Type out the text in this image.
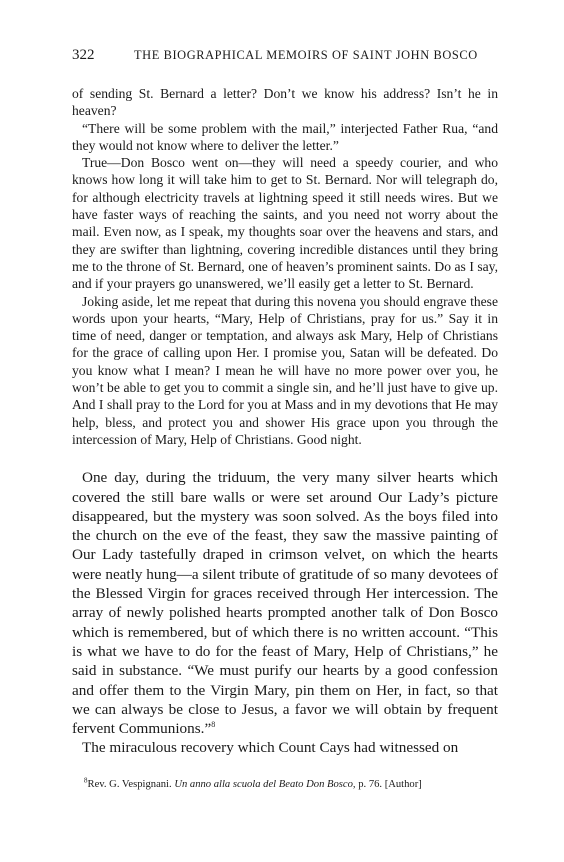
322	THE BIOGRAPHICAL MEMOIRS OF SAINT JOHN BOSCO

of sending St. Bernard a letter? Don’t we know his address? Isn’t he in heaven?

“There will be some problem with the mail,” interjected Father Rua, “and they would not know where to deliver the letter.”

True—Don Bosco went on—they will need a speedy courier, and who knows how long it will take him to get to St. Bernard. Nor will telegraph do, for although electricity travels at lightning speed it still needs wires. But we have faster ways of reaching the saints, and you need not worry about the mail. Even now, as I speak, my thoughts soar over the heavens and stars, and they are swifter than lightning, covering incredible distances until they bring me to the throne of St. Bernard, one of heaven’s prominent saints. Do as I say, and if your prayers go unanswered, we’ll easily get a letter to St. Bernard.

Joking aside, let me repeat that during this novena you should engrave these words upon your hearts, “Mary, Help of Christians, pray for us.” Say it in time of need, danger or temptation, and always ask Mary, Help of Christians for the grace of calling upon Her. I promise you, Satan will be defeated. Do you know what I mean? I mean he will have no more power over you, he won’t be able to get you to commit a single sin, and he’ll just have to give up. And I shall pray to the Lord for you at Mass and in my devotions that He may help, bless, and protect you and shower His grace upon you through the intercession of Mary, Help of Christians. Good night.

One day, during the triduum, the very many silver hearts which covered the still bare walls or were set around Our Lady’s picture disappeared, but the mystery was soon solved. As the boys filed into the church on the eve of the feast, they saw the massive painting of Our Lady tastefully draped in crimson velvet, on which the hearts were neatly hung—a silent tribute of gratitude of so many devotees of the Blessed Virgin for graces received through Her intercession. The array of newly polished hearts prompted another talk of Don Bosco which is remembered, but of which there is no written account. “This is what we have to do for the feast of Mary, Help of Christians,” he said in substance. “We must purify our hearts by a good confession and offer them to the Virgin Mary, pin them on Her, in fact, so that we can always be close to Jesus, a favor we will obtain by frequent fervent Communions.”$^8$

The miraculous recovery which Count Cays had witnessed on

$^8$Rev. G. Vespignani. Un anno alla scuola del Beato Don Bosco, p. 76. [Author]
